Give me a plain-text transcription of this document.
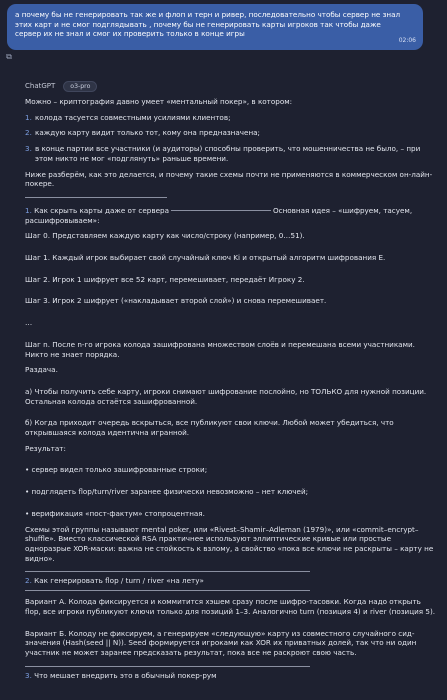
а почему бы не генерировать так же и флоп и терн и ривер, последовательно чтобы сервер не знал этих карт и не смог подглядывать , почему бы не генерировать карты игроков так чтобы даже сервер их не знал и смог их проверить только в конце игры
02:06
⧉
ChatGPT	o3-pro

Можно – криптография давно умеет «ментальный покер», в котором:

1. колода тасуется совместными усилиями клиентов;
2. каждую карту видит только тот, кому она предназначена;
3. в конце партии все участники (и аудиторы) способны проверить, что мошенничества не было, – при этом никто не мог «подглянуть» раньше времени.

Ниже разберём, как это делается, и почему такие схемы почти не применяются в коммерческом он-лайн-покере.

1. Как скрыть карты даже от сервера	Основная идея – «шифруем, тасуем, расшифровываем»:

Шаг 0. Представляем каждую карту как число/строку (например, 0…51).

Шаг 1. Каждый игрок выбирает свой случайный ключ Ki и открытый алгоритм шифрования E.

Шаг 2. Игрок 1 шифрует все 52 карт, перемешивает, передаёт Игроку 2.

Шаг 3. Игрок 2 шифрует («накладывает второй слой») и снова перемешивает.

…

Шаг n. После n-го игрока колода зашифрована множеством слоёв и перемешана всеми участниками. Никто не знает порядка.

Раздача.

а) Чтобы получить себе карту, игроки снимают шифрование послойно, но ТОЛЬКО для нужной позиции. Остальная колода остаётся зашифрованной.

б) Когда приходит очередь вскрыться, все публикуют свои ключи. Любой может убедиться, что открывшаяся колода идентична игранной.

Результат:

• сервер видел только зашифрованные строки;

• подглядеть flop/turn/river заранее физически невозможно – нет ключей;

• верификация «пост-фактум» стопроцентная.

Схемы этой группы называют mental poker, или «Rivest–Shamir–Adleman (1979)», или «commit–encrypt–shuffle». Вместо классической RSA практичнее используют эллиптические кривые или простые одноразрые XOR-маски: важна не стойкость к взлому, а свойство «пока все ключи не раскрыты – карту не видно».

2. Как генерировать flop / turn / river «на лету»

Вариант А. Колода фиксируется и коммитится хэшем сразу после шифро-тасовки. Когда надо открыть flop, все игроки публикуют ключи только для позиций 1–3. Аналогично turn (позиция 4) и river (позиция 5).

Вариант Б. Колоду не фиксируем, а генерируем «следующую» карту из совместного случайного сид-значения (Hash(seed || N)). Seed формируется игроками как XOR их приватных долей, так что ни один участник не может заранее предсказать результат, пока все не раскроют свою часть.

3. Что мешает внедрить это в обычный покер-рум
